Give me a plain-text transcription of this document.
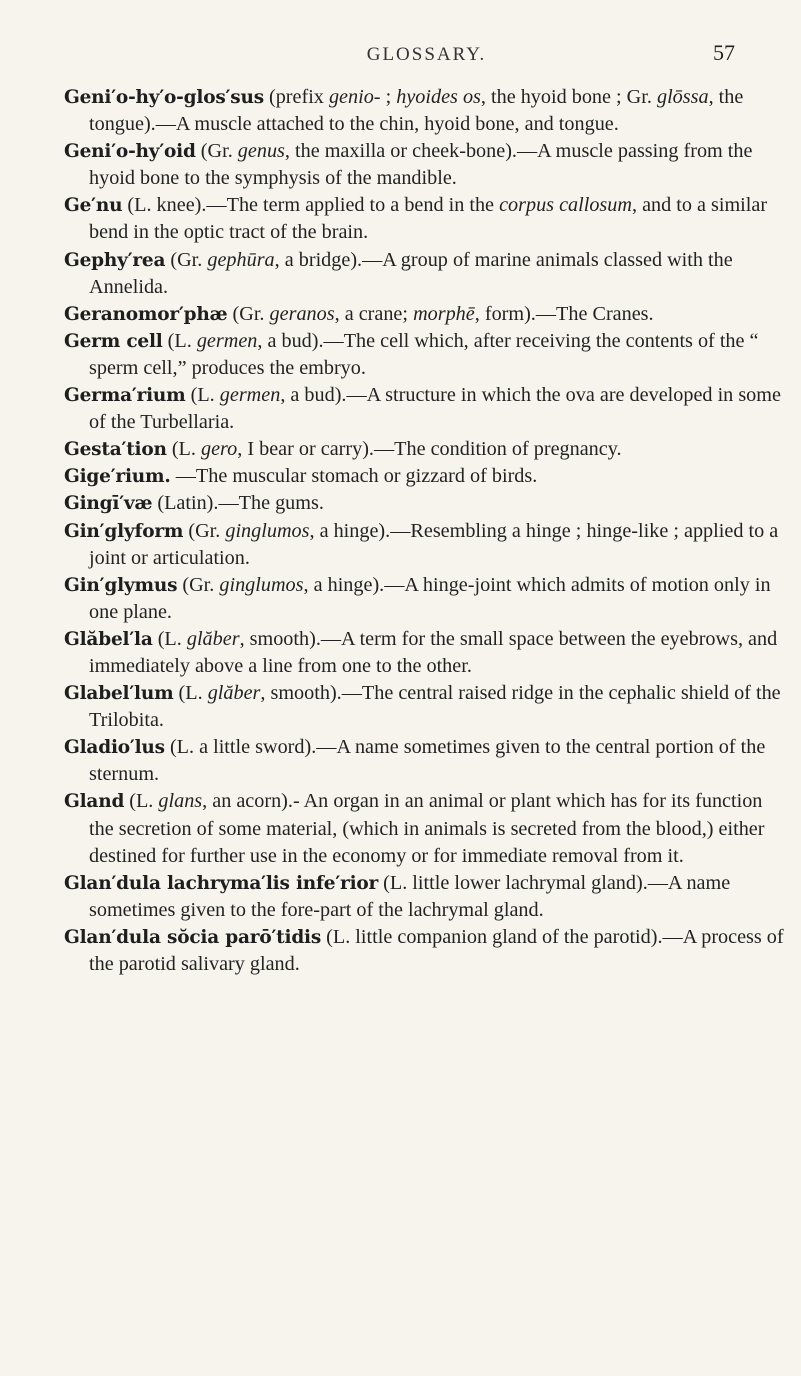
GLOSSARY.	57

Geni′o-hy′o-glos′sus (prefix genio- ; hyoides os, the hyoid bone ; Gr. glōssa, the tongue).—A muscle attached to the chin, hyoid bone, and tongue.

Geni′o-hy′oid (Gr. genus, the maxilla or cheek-bone).—A muscle passing from the hyoid bone to the symphysis of the mandible.

Ge′nu (L. knee).—The term applied to a bend in the corpus callosum, and to a similar bend in the optic tract of the brain.

Gephy′rea (Gr. gephūra, a bridge).—A group of marine animals classed with the Annelida.

Geranomor′phæ (Gr. geranos, a crane; morphē, form).—The Cranes.

Germ cell (L. germen, a bud).—The cell which, after receiving the contents of the “ sperm cell,” produces the embryo.

Germa′rium (L. germen, a bud).—A structure in which the ova are developed in some of the Turbellaria.

Gesta′tion (L. gero, I bear or carry).—The condition of pregnancy.

Gige′rium. —The muscular stomach or gizzard of birds.

Gingī′væ (Latin).—The gums.

Gin′glyform (Gr. ginglumos, a hinge).—Resembling a hinge ; hinge-like ; applied to a joint or articulation.

Gin′glymus (Gr. ginglumos, a hinge).—A hinge-joint which admits of motion only in one plane.

Glăbel′la (L. glăber, smooth).—A term for the small space between the eyebrows, and immediately above a line from one to the other.

Glabel′lum (L. glăber, smooth).—The central raised ridge in the cephalic shield of the Trilobita.

Gladio′lus (L. a little sword).—A name sometimes given to the central portion of the sternum.

Gland (L. glans, an acorn).- An organ in an animal or plant which has for its function the secretion of some material, (which in animals is secreted from the blood,) either destined for further use in the economy or for immediate removal from it.

Glan′dula lachryma′lis infe′rior (L. little lower lachrymal gland).—A name sometimes given to the fore-part of the lachrymal gland.

Glan′dula sŏcia parō′tidis (L. little companion gland of the parotid).—A process of the parotid salivary gland.
